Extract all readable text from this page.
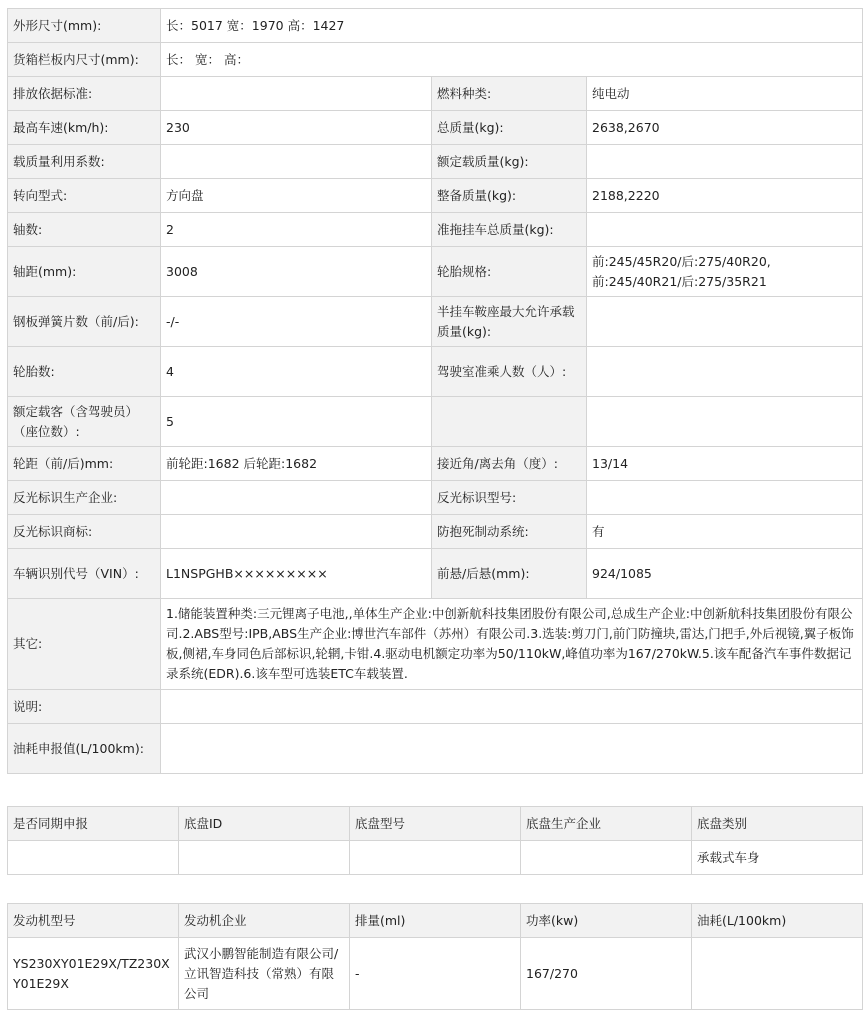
外形尺寸(mm):	长：5017 宽：1970 高：1427		
货箱栏板内尺寸(mm):	长： 宽： 高：		
排放依据标准:		燃料种类:	纯电动
最高车速(km/h):	230	总质量(kg):	2638,2670
载质量利用系数:		额定载质量(kg):	
转向型式:	方向盘	整备质量(kg):	2188,2220
轴数:	2	准拖挂车总质量(kg):	
轴距(mm):	3008	轮胎规格:	前:245/45R20/后:275/40R20,前:245/40R21/后:275/35R21
钢板弹簧片数（前/后):	-/-	半挂车鞍座最大允许承载质量(kg):	
轮胎数:	4	驾驶室准乘人数（人）:	
额定载客（含驾驶员）（座位数）:	5		
轮距（前/后)mm:	前轮距:1682 后轮距:1682	接近角/离去角（度）:	13/14
反光标识生产企业:		反光标识型号:	
反光标识商标:		防抱死制动系统:	有
车辆识别代号（VIN）:	L1NSPGHB×××××××××	前悬/后悬(mm):	924/1085
其它:	1.储能装置种类:三元锂离子电池,,单体生产企业:中创新航科技集团股份有限公司,总成生产企业:中创新航科技集团股份有限公司.2.ABS型号:IPB,ABS生产企业:博世汽车部件（苏州）有限公司.3.选装:剪刀门,前门防撞块,雷达,门把手,外后视镜,翼子板饰板,侧裙,车身同色后部标识,轮辋,卡钳.4.驱动电机额定功率为50/110kW,峰值功率为167/270kW.5.该车配备汽车事件数据记录系统(EDR).6.该车型可选装ETC车载装置.		
说明:			
油耗申报值(L/100km):			
是否同期申报	底盘ID	底盘型号	底盘生产企业	底盘类别
				承载式车身
发动机型号	发动机企业	排量(ml)	功率(kw)	油耗(L/100km)
YS230XY01E29X/TZ230XY01E29X	武汉小鹏智能制造有限公司/立讯智造科技（常熟）有限公司	-	167/270	
